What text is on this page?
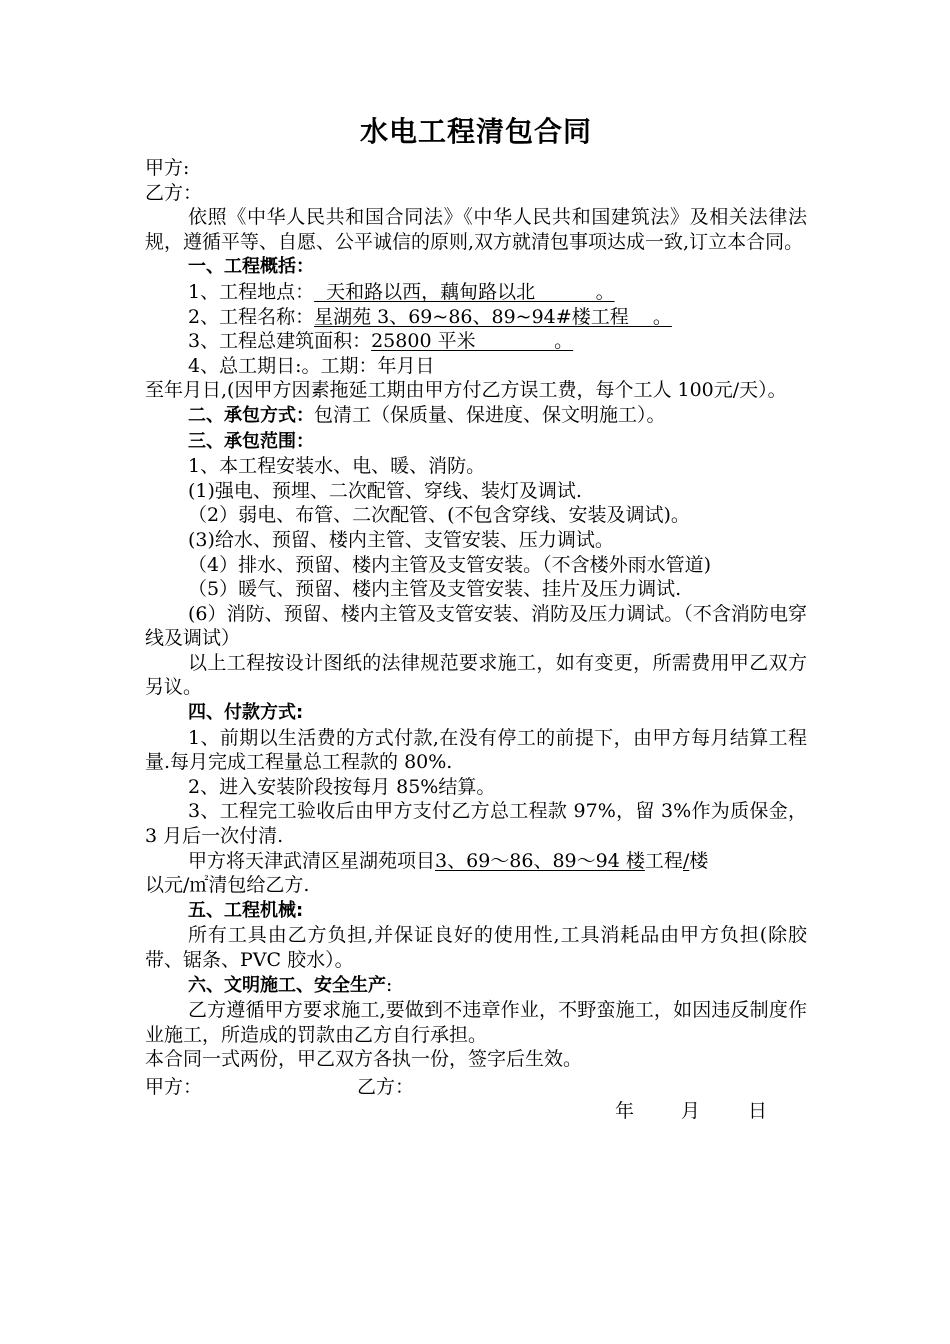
水电工程清包合同

甲方:

乙方：

依照《中华人民共和国合同法》《中华人民共和国建筑法》及相关法律法规，遵循平等、自愿、公平诚信的原则,双方就清包事项达成一致,订立本合同。

一、工程概括：

1、工程地点：  天和路以西，藕甸路以北          。

2、工程名称：星湖苑 3、69~86、89~94#楼工程    。

3、工程总建筑面积：25800 平米             。

4、总工期日:。工期：年月日

至年月日,(因甲方因素拖延工期由甲方付乙方误工费，每个工人 100元/天）。

二、承包方式：包清工（保质量、保进度、保文明施工）。

三、承包范围：

1、本工程安装水、电、暖、消防。

(1)强电、预埋、二次配管、穿线、装灯及调试.

（2）弱电、布管、二次配管、(不包含穿线、安装及调试)。

(3)给水、预留、楼内主管、支管安装、压力调试。

（4）排水、预留、楼内主管及支管安装。（不含楼外雨水管道)

（5）暖气、预留、楼内主管及支管安装、挂片及压力调试.

(6）消防、预留、楼内主管及支管安装、消防及压力调试。（不含消防电穿线及调试）

以上工程按设计图纸的法律规范要求施工，如有变更，所需费用甲乙双方另议。

四、付款方式:

1、前期以生活费的方式付款,在没有停工的前提下，由甲方每月结算工程量.每月完成工程量总工程款的 80%.

2、进入安装阶段按每月 85%结算。

3、工程完工验收后由甲方支付乙方总工程款 97%，留 3%作为质保金，3 月后一次付清.

甲方将天津武清区星湖苑项目3、69～86、89～94 楼工程/楼

以元/㎡清包给乙方.

五、工程机械:

所有工具由乙方负担,并保证良好的使用性,工具消耗品由甲方负担(除胶带、锯条、PVC 胶水）。

六、文明施工、安全生产:

乙方遵循甲方要求施工,要做到不违章作业，不野蛮施工，如因违反制度作业施工，所造成的罚款由乙方自行承担。

本合同一式两份，甲乙双方各执一份，签字后生效。

甲方：	乙方：
年 月	日
